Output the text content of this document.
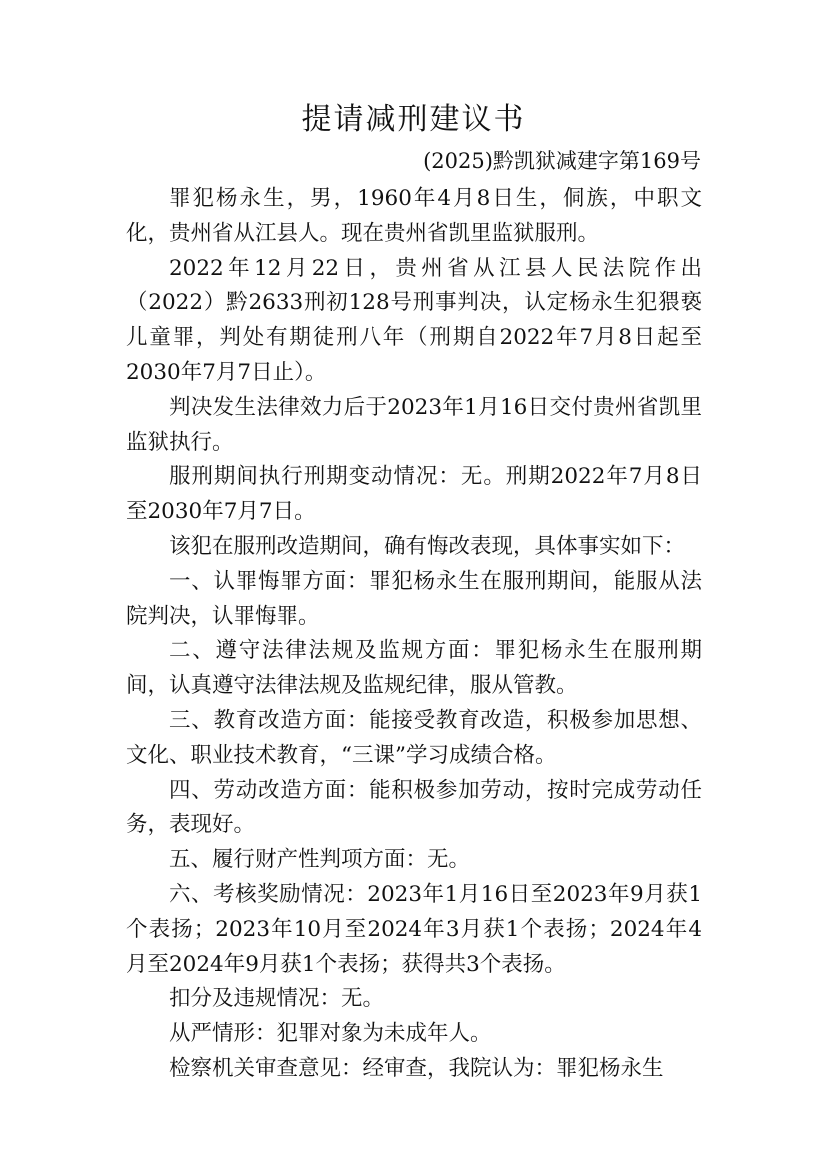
提请减刑建议书
(2025)黔凯狱减建字第169号

罪犯杨永生，男，1960年4月8日生，侗族，中职文化，贵州省从江县人。现在贵州省凯里监狱服刑。

2022年12月22日，贵州省从江县人民法院作出（2022）黔2633刑初128号刑事判决，认定杨永生犯猥亵儿童罪，判处有期徒刑八年（刑期自2022年7月8日起至2030年7月7日止）。

判决发生法律效力后于2023年1月16日交付贵州省凯里监狱执行。

服刑期间执行刑期变动情况：无。刑期2022年7月8日至2030年7月7日。

该犯在服刑改造期间，确有悔改表现，具体事实如下：

一、认罪悔罪方面：罪犯杨永生在服刑期间，能服从法院判决，认罪悔罪。

二、遵守法律法规及监规方面：罪犯杨永生在服刑期间，认真遵守法律法规及监规纪律，服从管教。

三、教育改造方面：能接受教育改造，积极参加思想、文化、职业技术教育，“三课”学习成绩合格。

四、劳动改造方面：能积极参加劳动，按时完成劳动任务，表现好。

五、履行财产性判项方面：无。

六、考核奖励情况：2023年1月16日至2023年9月获1个表扬；2023年10月至2024年3月获1个表扬；2024年4月至2024年9月获1个表扬；获得共3个表扬。

扣分及违规情况：无。

从严情形：犯罪对象为未成年人。

检察机关审查意见：经审查，我院认为：罪犯杨永生
